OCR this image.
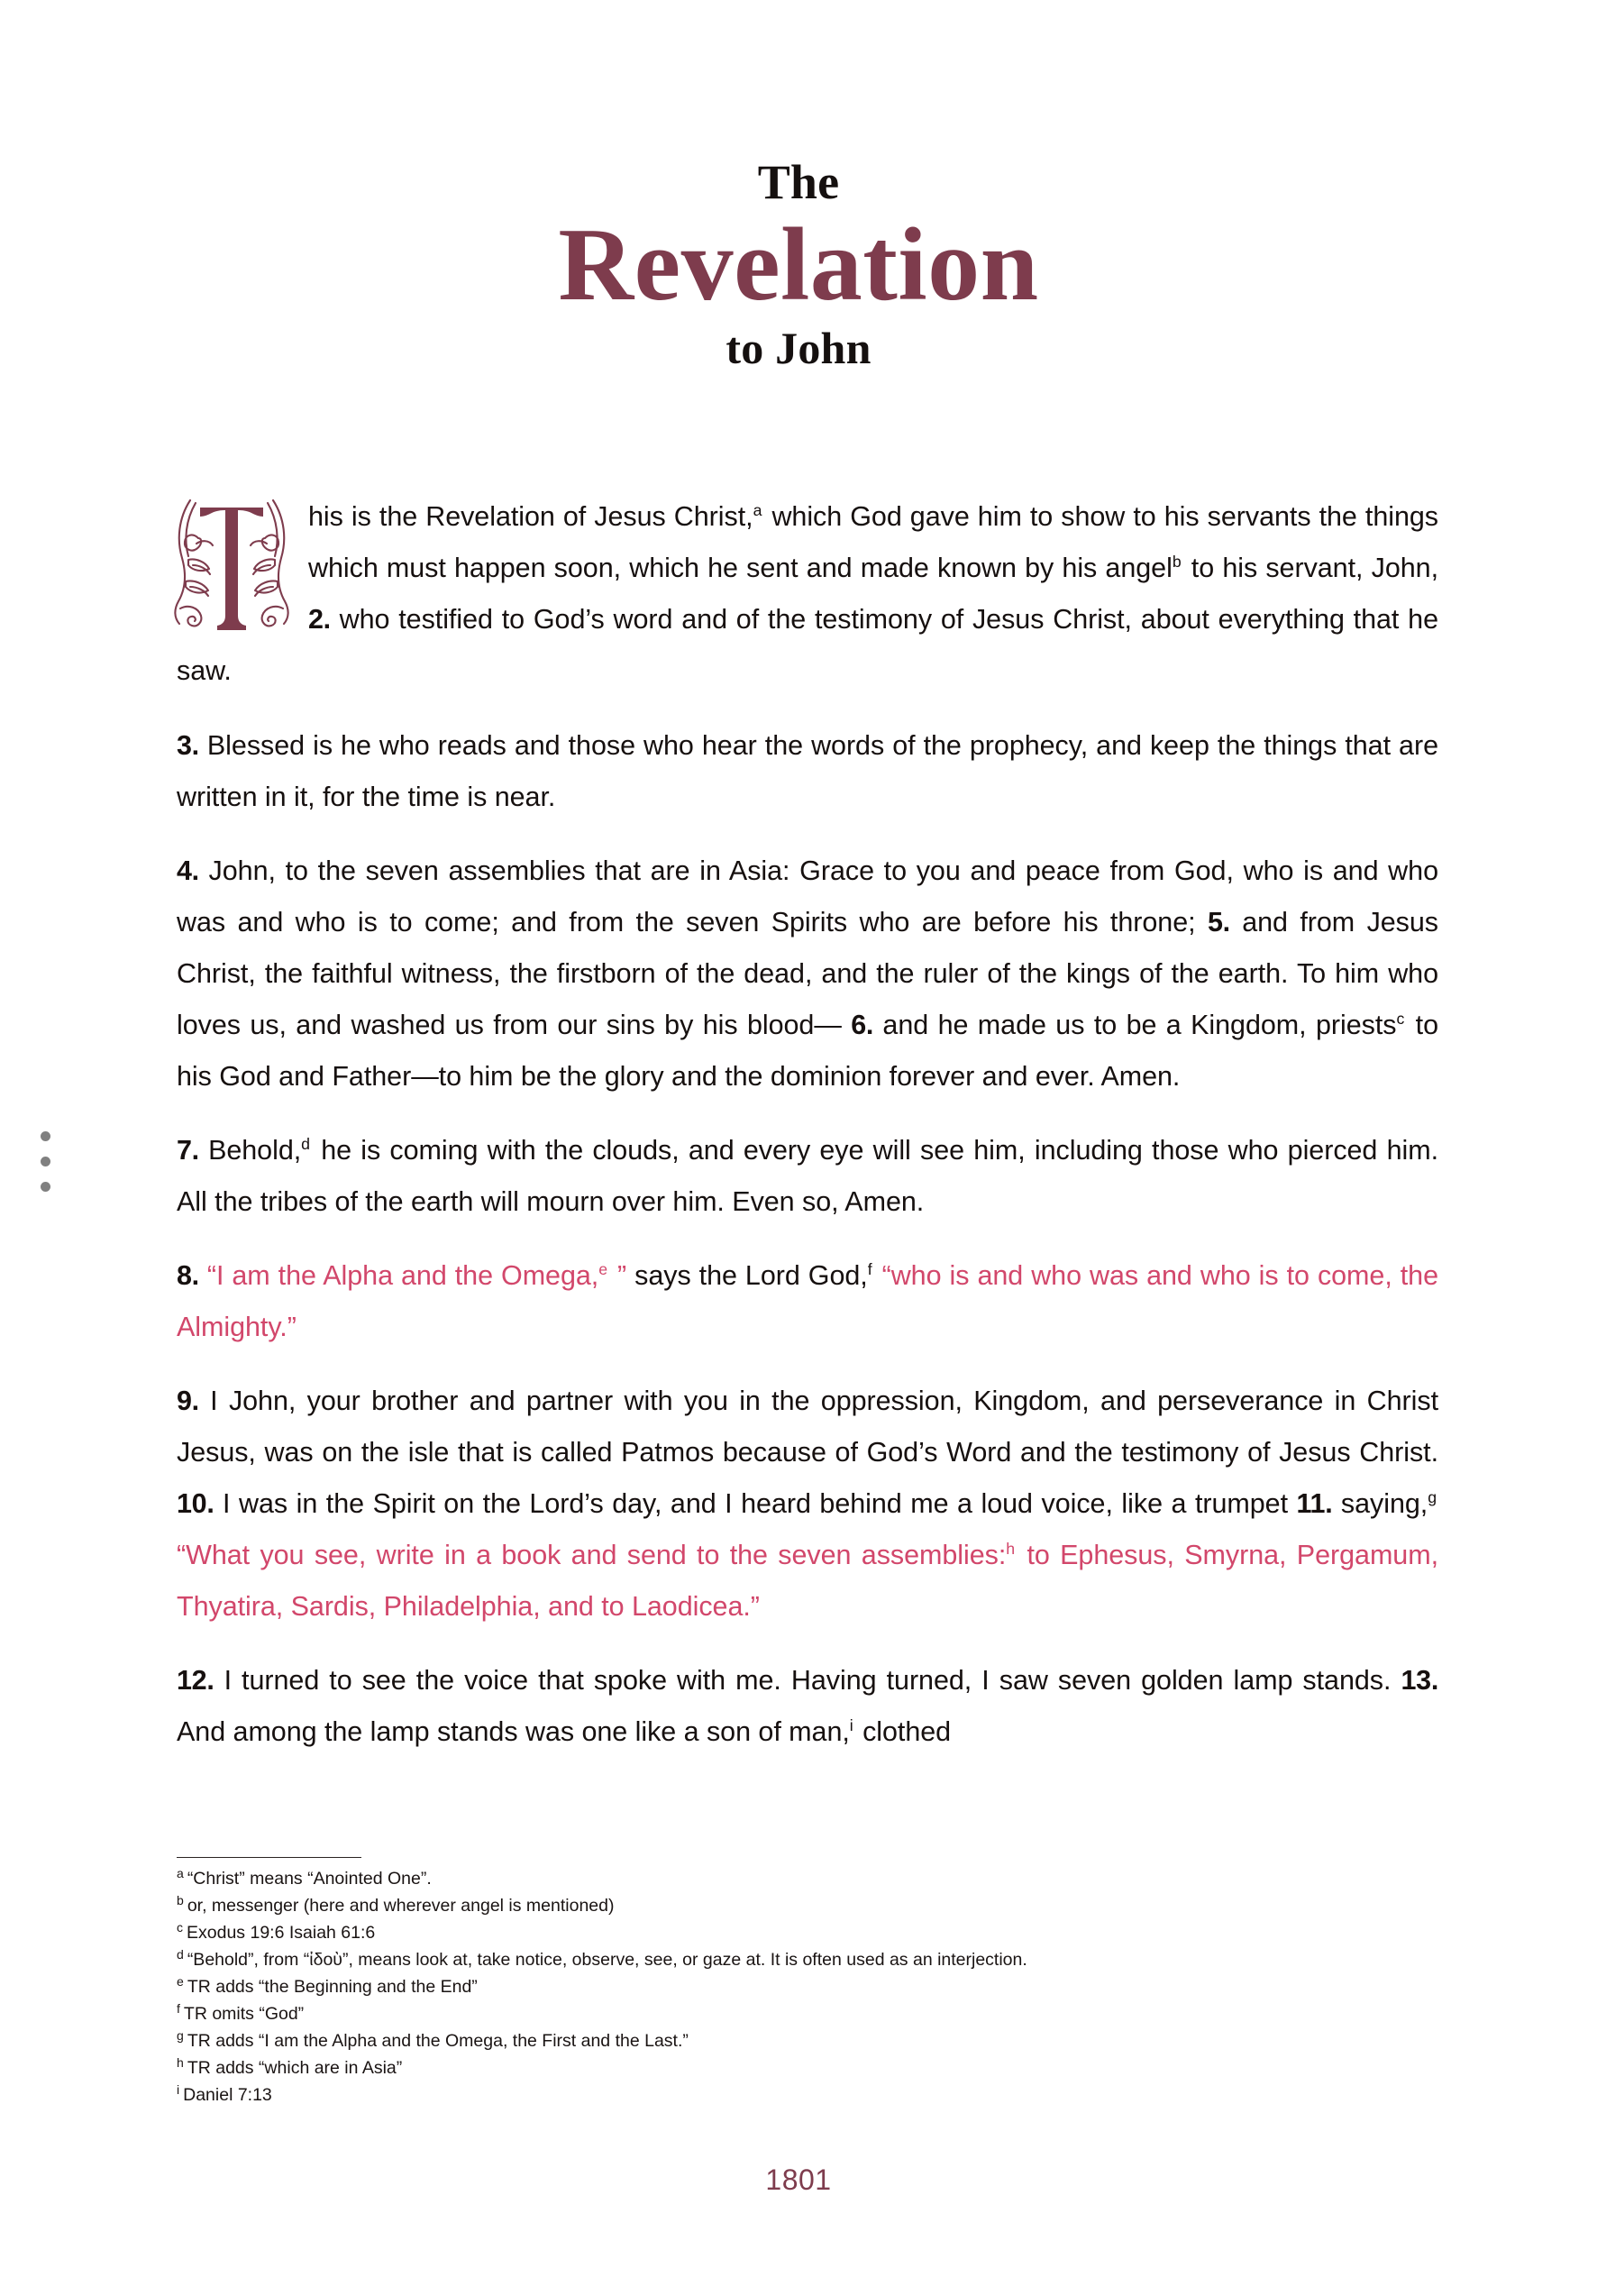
The
Revelation
to John

his is the Revelation of Jesus Christ,$^a$ which God gave him to show to his servants the things which must happen soon, which he sent and made known by his angel$^b$ to his servant, John, 2. who testified to God’s word and of the testimony of Jesus Christ, about everything that he saw.

3. Blessed is he who reads and those who hear the words of the prophecy, and keep the things that are written in it, for the time is near.

4. John, to the seven assemblies that are in Asia: Grace to you and peace from God, who is and who was and who is to come; and from the seven Spirits who are before his throne; 5. and from Jesus Christ, the faithful witness, the firstborn of the dead, and the ruler of the kings of the earth. To him who loves us, and washed us from our sins by his blood— 6. and he made us to be a Kingdom, priests$^c$ to his God and Father—to him be the glory and the dominion forever and ever. Amen.

7. Behold,$^d$ he is coming with the clouds, and every eye will see him, including those who pierced him. All the tribes of the earth will mourn over him. Even so, Amen.

8. “I am the Alpha and the Omega,$^e$ ” says the Lord God,$^f$ “who is and who was and who is to come, the Almighty.”

9. I John, your brother and partner with you in the oppression, Kingdom, and perseverance in Christ Jesus, was on the isle that is called Patmos because of God’s Word and the testimony of Jesus Christ. 10. I was in the Spirit on the Lord’s day, and I heard behind me a loud voice, like a trumpet 11. saying,$^g$ “What you see, write in a book and send to the seven assemblies:$^h$ to Ephesus, Smyrna, Pergamum, Thyatira, Sardis, Philadelphia, and to Laodicea.”

12. I turned to see the voice that spoke with me. Having turned, I saw seven golden lamp stands. 13. And among the lamp stands was one like a son of man,$^i$ clothed

$^a$ “Christ” means “Anointed One”.
$^b$ or, messenger (here and wherever angel is mentioned)
$^c$ Exodus 19:6 Isaiah 61:6
$^d$ “Behold”, from “ἰδοὺ”, means look at, take notice, observe, see, or gaze at. It is often used as an interjection.
$^e$ TR adds “the Beginning and the End”
$^f$ TR omits “God”
$^g$ TR adds “I am the Alpha and the Omega, the First and the Last.”
$^h$ TR adds “which are in Asia”
$^i$ Daniel 7:13
1801
